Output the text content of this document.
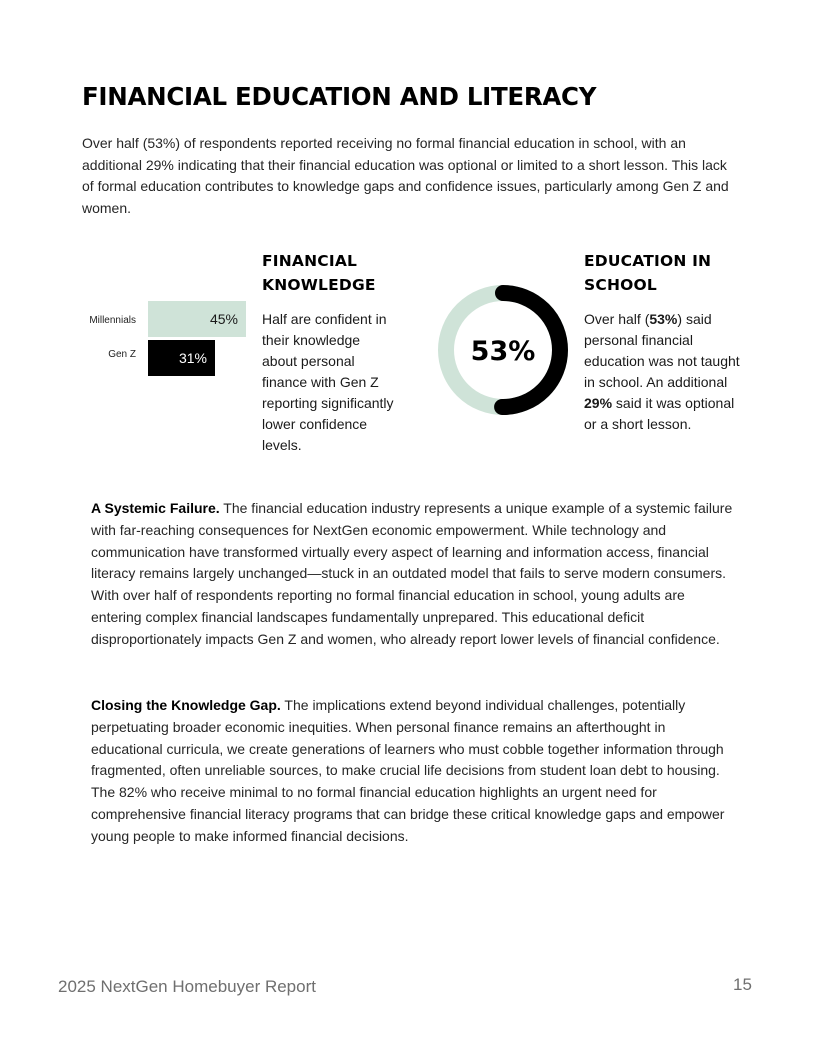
FINANCIAL EDUCATION AND LITERACY

Over half (53%) of respondents reported receiving no formal financial education in school, with an additional 29% indicating that their financial education was optional or limited to a short lesson. This lack of formal education contributes to knowledge gaps and confidence issues, particularly among Gen Z and women.

Millennials
Gen Z
45%
31%
FINANCIAL
KNOWLEDGE

Half are confident in their knowledge about personal finance with Gen Z reporting significantly lower confidence levels.

53%
EDUCATION IN
SCHOOL

Over half (53%) said personal financial education was not taught in school. An additional 29% said it was optional or a short lesson.

A Systemic Failure. The financial education industry represents a unique example of a systemic failure with far-reaching consequences for NextGen economic empowerment. While technology and communication have transformed virtually every aspect of learning and information access, financial literacy remains largely unchanged—stuck in an outdated model that fails to serve modern consumers. With over half of respondents reporting no formal financial education in school, young adults are entering complex financial landscapes fundamentally unprepared. This educational deficit disproportionately impacts Gen Z and women, who already report lower levels of financial confidence.

Closing the Knowledge Gap. The implications extend beyond individual challenges, potentially perpetuating broader economic inequities. When personal finance remains an afterthought in educational curricula, we create generations of learners who must cobble together information through fragmented, often unreliable sources, to make crucial life decisions from student loan debt to housing. The 82% who receive minimal to no formal financial education highlights an urgent need for comprehensive financial literacy programs that can bridge these critical knowledge gaps and empower young people to make informed financial decisions.

2025 NextGen Homebuyer Report	15
